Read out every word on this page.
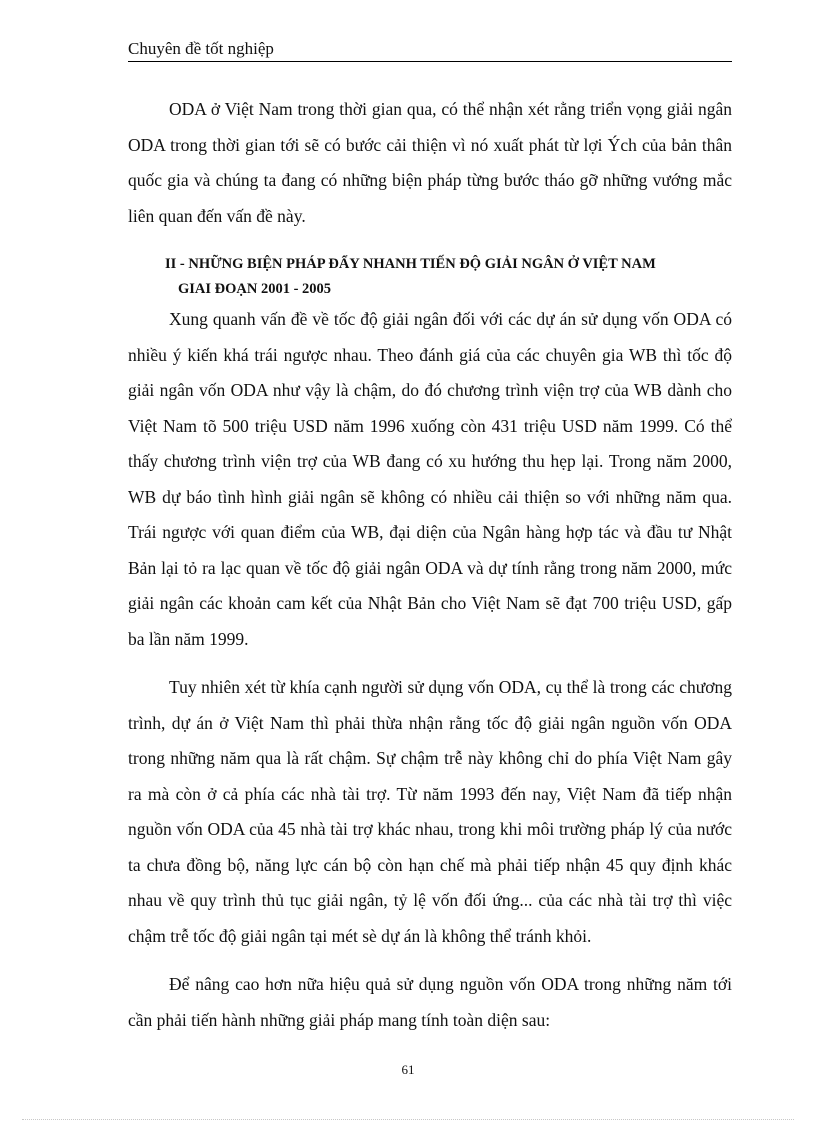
Chuyên đề tốt nghiệp

ODA ở Việt Nam trong thời gian qua, có thể nhận xét rằng triển vọng giải ngân ODA trong thời gian tới sẽ có bước cải thiện vì nó xuất phát từ lợi Ých của bản thân quốc gia và chúng ta đang có những biện pháp từng bước tháo gỡ những vướng mắc liên quan đến vấn đề này.

II - NHỮNG BIỆN PHÁP ĐẨY NHANH TIẾN ĐỘ GIẢI NGÂN Ở VIỆT NAM
GIAI ĐOẠN 2001 - 2005

Xung quanh vấn đề về tốc độ giải ngân đối với các dự án sử dụng vốn ODA có nhiều ý kiến khá trái ngược nhau. Theo đánh giá của các chuyên gia WB thì tốc độ giải ngân vốn ODA như vậy là chậm, do đó chương trình viện trợ của WB dành cho Việt Nam tõ 500 triệu USD năm 1996 xuống còn 431 triệu USD năm 1999. Có thể thấy chương trình viện trợ của WB đang có xu hướng thu hẹp lại. Trong năm 2000, WB dự báo tình hình giải ngân sẽ không có nhiều cải thiện so với những năm qua. Trái ngược với quan điểm của WB, đại diện của Ngân hàng hợp tác và đầu tư Nhật Bản lại tỏ ra lạc quan về tốc độ giải ngân ODA và dự tính rằng trong năm 2000, mức giải ngân các khoản cam kết của Nhật Bản cho Việt Nam sẽ đạt 700 triệu USD, gấp ba lần năm 1999.

Tuy nhiên xét từ khía cạnh người sử dụng vốn ODA, cụ thể là trong các chương trình, dự án ở Việt Nam thì phải thừa nhận rằng tốc độ giải ngân nguồn vốn ODA trong những năm qua là rất chậm. Sự chậm trễ này không chỉ do phía Việt Nam gây ra mà còn ở cả phía các nhà tài trợ. Từ năm 1993 đến nay, Việt Nam đã tiếp nhận nguồn vốn ODA của 45 nhà tài trợ khác nhau, trong khi môi trường pháp lý của nước ta chưa đồng bộ, năng lực cán bộ còn hạn chế mà phải tiếp nhận 45 quy định khác nhau về quy trình thủ tục giải ngân, tỷ lệ vốn đối ứng... của các nhà tài trợ thì việc chậm trễ tốc độ giải ngân tại mét sè dự án là không thể tránh khỏi.

Để nâng cao hơn nữa hiệu quả sử dụng nguồn vốn ODA trong những năm tới cần phải tiến hành những giải pháp mang tính toàn diện sau:

61
